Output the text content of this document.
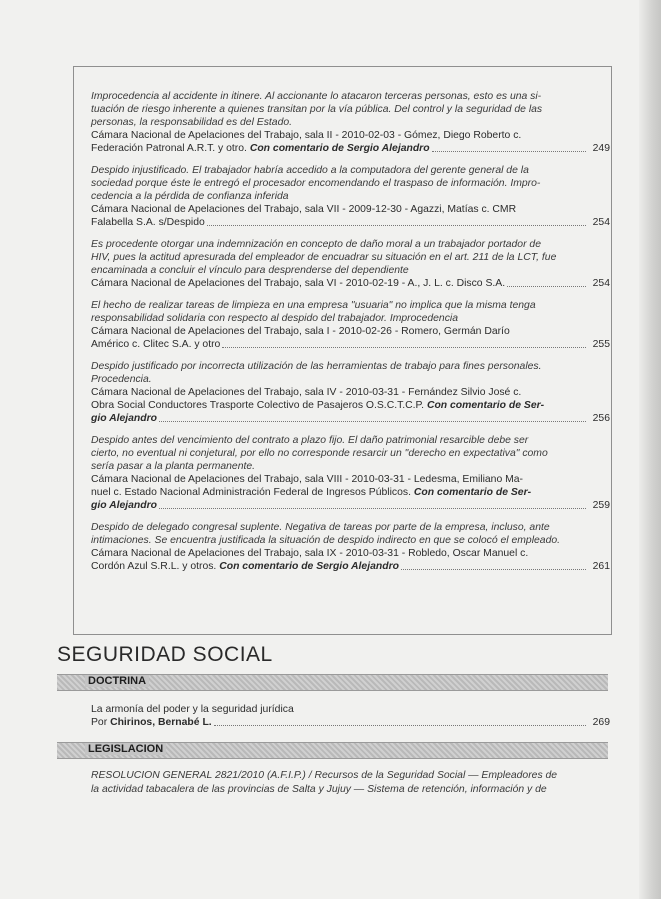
Improcedencia al accidente in itinere. Al accionante lo atacaron terceras personas, esto es una si-
tuación de riesgo inherente a quienes transitan por la vía pública. Del control y la seguridad de las
personas, la responsabilidad es del Estado.
Cámara Nacional de Apelaciones del Trabajo, sala II - 2010-02-03 - Gómez, Diego Roberto c.
Federación Patronal A.R.T. y otro. Con comentario de Sergio Alejandro	249
Despido injustificado. El trabajador habría accedido a la computadora del gerente general de la
sociedad porque éste le entregó el procesador encomendando el traspaso de información. Impro-
cedencia a la pérdida de confianza inferida
Cámara Nacional de Apelaciones del Trabajo, sala VII - 2009-12-30 - Agazzi, Matías c. CMR
Falabella S.A. s/Despido	254
Es procedente otorgar una indemnización en concepto de daño moral a un trabajador portador de
HIV, pues la actitud apresurada del empleador de encuadrar su situación en el art. 211 de la LCT, fue
encaminada a concluir el vínculo para desprenderse del dependiente
Cámara Nacional de Apelaciones del Trabajo, sala VI - 2010-02-19 - A., J. L. c. Disco S.A.	254
El hecho de realizar tareas de limpieza en una empresa "usuaria" no implica que la misma tenga
responsabilidad solidaria con respecto al despido del trabajador. Improcedencia
Cámara Nacional de Apelaciones del Trabajo, sala I - 2010-02-26 - Romero, Germán Darío
Américo c. Clitec S.A. y otro	255
Despido justificado por incorrecta utilización de las herramientas de trabajo para fines personales.
Procedencia.
Cámara Nacional de Apelaciones del Trabajo, sala IV - 2010-03-31 - Fernández Silvio José c.
Obra Social Conductores Trasporte Colectivo de Pasajeros O.S.C.T.C.P. Con comentario de Ser-
gio Alejandro	256
Despido antes del vencimiento del contrato a plazo fijo. El daño patrimonial resarcible debe ser
cierto, no eventual ni conjetural, por ello no corresponde resarcir un "derecho en expectativa" como
sería pasar a la planta permanente.
Cámara Nacional de Apelaciones del Trabajo, sala VIII - 2010-03-31 - Ledesma, Emiliano Ma-
nuel c. Estado Nacional Administración Federal de Ingresos Públicos. Con comentario de Ser-
gio Alejandro	259
Despido de delegado congresal suplente. Negativa de tareas por parte de la empresa, incluso, ante
intimaciones. Se encuentra justificada la situación de despido indirecto en que se colocó el empleado.
Cámara Nacional de Apelaciones del Trabajo, sala IX - 2010-03-31 - Robledo, Oscar Manuel c.
Cordón Azul S.R.L. y otros. Con comentario de Sergio Alejandro	261
SEGURIDAD SOCIAL
DOCTRINA
La armonía del poder y la seguridad jurídica
Por Chirinos, Bernabé L.	269
LEGISLACION
RESOLUCION GENERAL 2821/2010 (A.F.I.P.) / Recursos de la Seguridad Social — Empleadores de
la actividad tabacalera de las provincias de Salta y Jujuy — Sistema de retención, información y de
